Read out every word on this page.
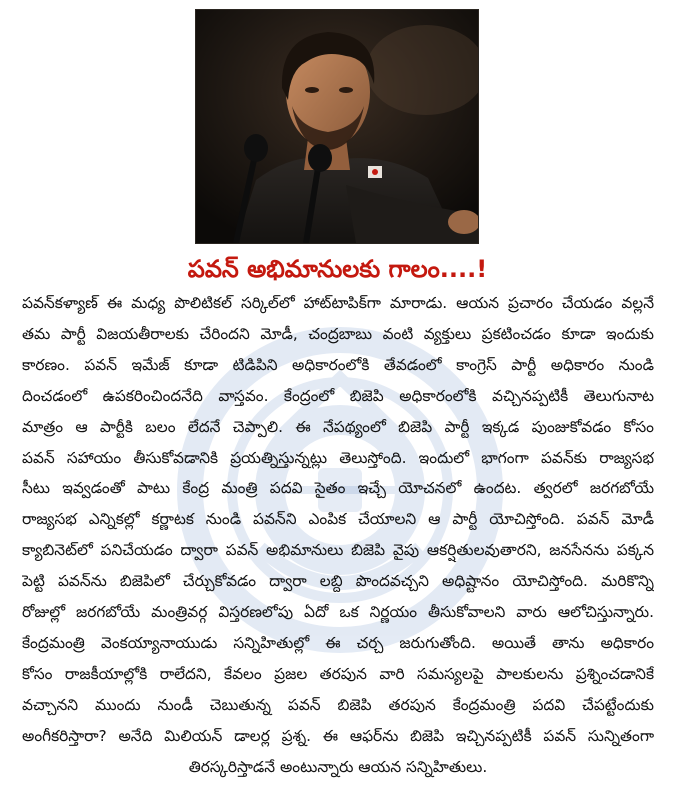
పవన్ అభిమానులకు గాలం....!
పవన్‌కళ్యాణ్ ఈ మధ్య పొలిటికల్ సర్కిల్‌లో హాట్‌టాపిక్‌గా మారాడు. ఆయన ప్రచారం చేయడం వల్లనే
తమ పార్టీ విజయతీరాలకు చేరిందని మోడీ, చంద్రబాబు వంటి వ్యక్తులు ప్రకటించడం కూడా ఇందుకు
కారణం. పవన్ ఇమేజ్ కూడా టిడిపిని అధికారంలోకి తేవడంలో కాంగ్రెస్ పార్టీ అధికారం నుండి
దించడంలో ఉపకరించిందనేది వాస్తవం. కేంద్రంలో బిజెపి అధికారంలోకి వచ్చినప్పటికీ తెలుగునాట
మాత్రం ఆ పార్టీకి బలం లేదనే చెప్పాలి. ఈ నేపథ్యంలో బిజెపి పార్టీ ఇక్కడ పుంజుకోవడం కోసం
పవన్ సహాయం తీసుకోవడానికి ప్రయత్నిస్తున్నట్లు తెలుస్తోంది. ఇందులో భాగంగా పవన్‌కు రాజ్యసభ
సీటు ఇవ్వడంతో పాటు కేంద్ర మంత్రి పదవి సైతం ఇచ్చే యోచనలో ఉందట. త్వరలో జరగబోయే
రాజ్యసభ ఎన్నికల్లో కర్ణాటక నుండి పవన్‌ని ఎంపిక చేయాలని ఆ పార్టీ యోచిస్తోంది. పవన్ మోడీ
క్యాబినెట్‌లో పనిచేయడం ద్వారా పవన్ అభిమానులు బిజెపి వైపు ఆకర్షితులవుతారని, జనసేనను పక్కన
పెట్టి పవన్‌ను బిజెపిలో చేర్చుకోవడం ద్వారా లబ్ది పొందవచ్చని అధిష్టానం యోచిస్తోంది. మరికొన్ని
రోజుల్లో జరగబోయే మంత్రివర్గ విస్తరణలోపు ఏదో ఒక నిర్ణయం తీసుకోవాలని వారు ఆలోచిస్తున్నారు.
కేంద్రమంత్రి వెంకయ్యానాయుడు సన్నిహితుల్లో ఈ చర్చ జరుగుతోంది. అయితే తాను అధికారం
కోసం రాజకీయాల్లోకి రాలేదని, కేవలం ప్రజల తరపున వారి సమస్యలపై పాలకులను ప్రశ్నించడానికే
వచ్చానని ముందు నుండీ చెబుతున్న పవన్ బిజెపి తరపున కేంద్రమంత్రి పదవి చేపట్టేందుకు
అంగీకరిస్తారా? అనేది మిలియన్ డాలర్ల ప్రశ్న. ఈ ఆఫర్‌ను బిజెపి ఇచ్చినప్పటికీ పవన్ సున్నితంగా
తిరస్కరిస్తాడనే అంటున్నారు ఆయన సన్నిహితులు.
